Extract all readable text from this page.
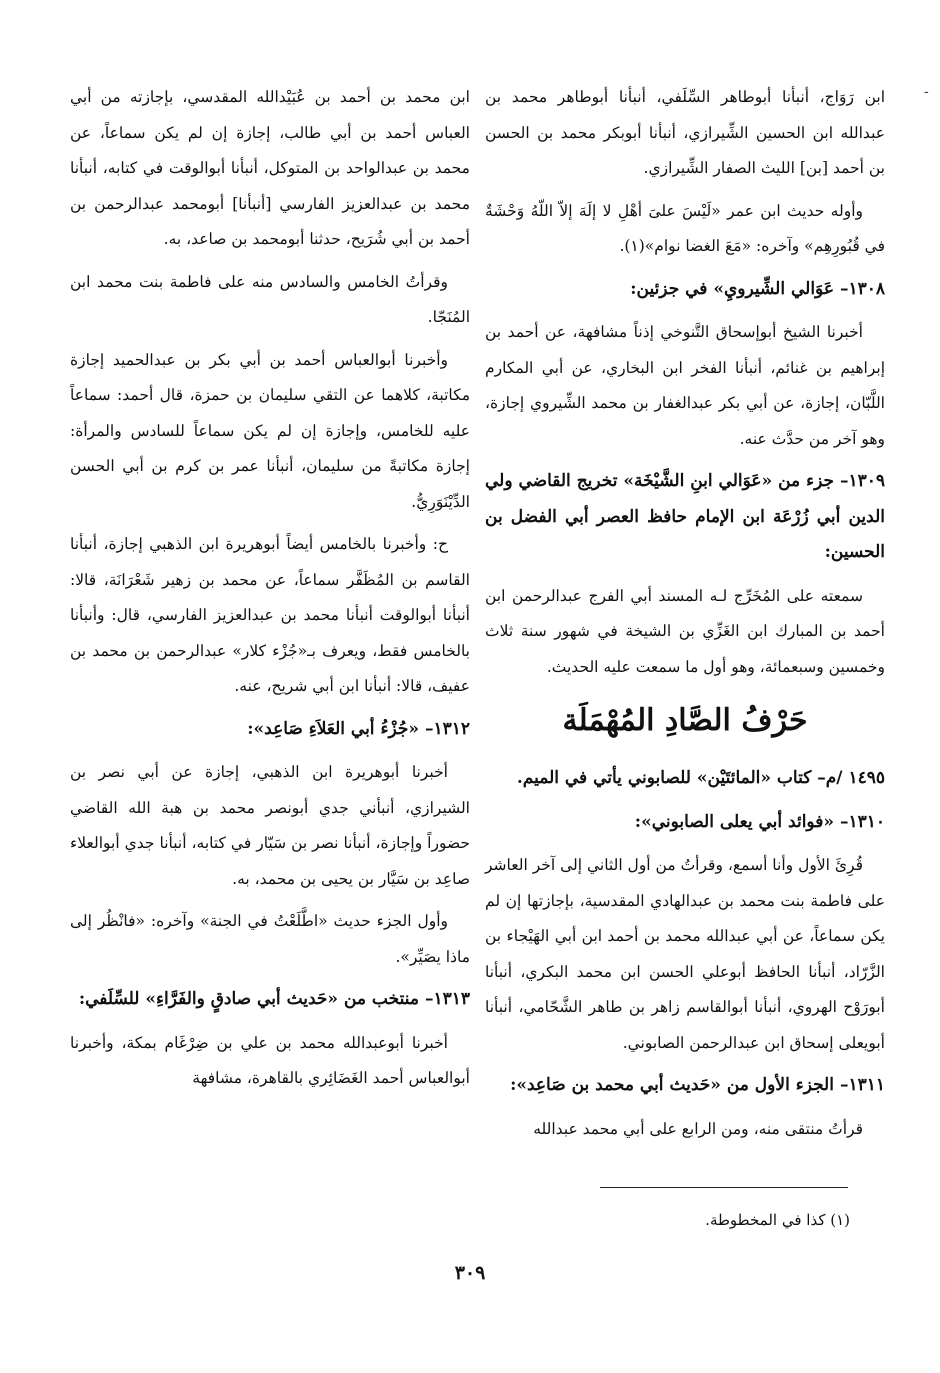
-

ابن رَوَاج، أنبأنا أبوطاهر السِّلَفي، أنبأنا أبوطاهر محمد بن عبدالله ابن الحسين الشِّيرازي، أنبأنا أبوبكر محمد بن الحسن بن أحمد [بن] الليث الصفار الشِّيرازي.

وأوله حديث ابن عمر «لَيْسَ علىَ أهْلِ لا إلَهَ إلاّ اللّهُ وَحْشَةٌ في قُبُورِهِم» وآخره: «مَعَ الغضا نوام»(١).

١٣٠٨–عَوَالي الشِّيرويِ» في جزئين:

أخبرنا الشيخ أبوإسحاق التَّنوخي إذناً مشافهة، عن أحمد بن إبراهيم بن غنائم، أنبأنا الفخر ابن البخاري، عن أبي المكارم اللَّبّان، إجازة، عن أبي بكر عبدالغفار بن محمد الشِّيروي إجازة، وهو آخر من حدَّث عنه.

١٣٠٩–جزء من «عَوَالي ابنِ الشَّيْخَة» تخريج القاضي ولي الدين أبي زُرْعَة ابن الإمام حافظ العصر أبي الفضل بن الحسين:

سمعته على المُخَرِّج لـه المسند أبي الفرج عبدالرحمن ابن أحمد بن المبارك ابن الغَزِّي بن الشيخة في شهور سنة ثلاث وخمسين وسبعمائة، وهو أول ما سمعت عليه الحديث.

حَرْفُ الصَّادِ المُهْمَلَة
١٤٩٥/م– كتاب «المائتَيْن» للصابوني يأتي في الميم.
١٣١٠–«فوائد أبي يعلى الصابوني»:

قُرِئَ الأول وأنا أسمع، وقرأتُ من أول الثاني إلى آخر العاشر على فاطمة بنت محمد بن عبدالهادي المقدسية، بإجازتها إن لم يكن سماعاً، عن أبي عبدالله محمد بن أحمد ابن أبي الهَيْجاء بن الزَّرّاد، أنبأنا الحافظ أبوعلي الحسن ابن محمد البكري، أنبأنا أبورَوْح الهروي، أنبأنا أبوالقاسم زاهر بن طاهر الشَّحّامي، أنبأنا أبويعلى إسحاق ابن عبدالرحمن الصابوني.

١٣١١–الجزء الأول من «حَديث أبي محمد بن صَاعِد»:

قرأتُ منتقى منه، ومن الرابع على أبي محمد عبدالله

ابن محمد بن أحمد بن عُبَيْدالله المقدسي، بإجازته من أبي العباس أحمد بن أبي طالب، إجازة إن لم يكن سماعاً، عن محمد بن عبدالواحد بن المتوكل، أنبأنا أبوالوقت في كتابه، أنبأنا محمد بن عبدالعزيز الفارسي [أنبأنا] أبومحمد عبدالرحمن بن أحمد بن أبي شُرَيح، حدثنا أبومحمد بن صاعد، به.

وقرأتُ الخامس والسادس منه على فاطمة بنت محمد ابن المُنَجّا.

وأخبرنا أبوالعباس أحمد بن أبي بكر بن عبدالحميد إجازة مكاتبة، كلاهما عن التقي سليمان بن حمزة، قال أحمد: سماعاً عليه للخامس، وإجازة إن لم يكن سماعاً للسادس والمرأة: إجازة مكاتبةً من سليمان، أنبأنا عمر بن كرم بن أبي الحسن الدِّيْنَوَرِيُّ.

ح: وأخبرنا بالخامس أيضاً أبوهريرة ابن الذهبي إجازة، أنبأنا القاسم بن المُظَفَّر سماعاً، عن محمد بن زهير شَعْرَانَة، قالا: أنبأنا أبوالوقت أنبأنا محمد بن عبدالعزيز الفارسي، قال: وأنبأنا بالخامس فقط، ويعرف بـ«جُزْء كلار» عبدالرحمن بن محمد بن عفيف، قالا: أنبأنا ابن أبي شريح، عنه.

١٣١٢–«جُزْءُ أبي العَلاَءِ صَاعِد»:

أخبرنا أبوهريرة ابن الذهبي، إجازة عن أبي نصر بن الشيرازي، أنبأني جدي أبونصر محمد بن هبة الله القاضي حضوراً وإجازة، أنبأنا نصر بن سَيّار في كتابه، أنبأنا جدي أبوالعلاء صاعِد بن سَيَّار بن يحيى بن محمد، به.

وأول الجزء حديث «اطَّلَعْتُ في الجنة» وآخره: «فانْظُر إلى ماذا يصَيِّر».

١٣١٣–منتخب من «حَديث أبي صادقٍ والفَرَّاءِ» للسِّلَفي:

أخبرنا أبوعبدالله محمد بن علي بن ضِرْغَام بمكة، وأخبرنا أبوالعباس أحمد الغَضَائِري بالقاهرة، مشافهة

(١) كذا في المخطوطة.

٣٠٩
